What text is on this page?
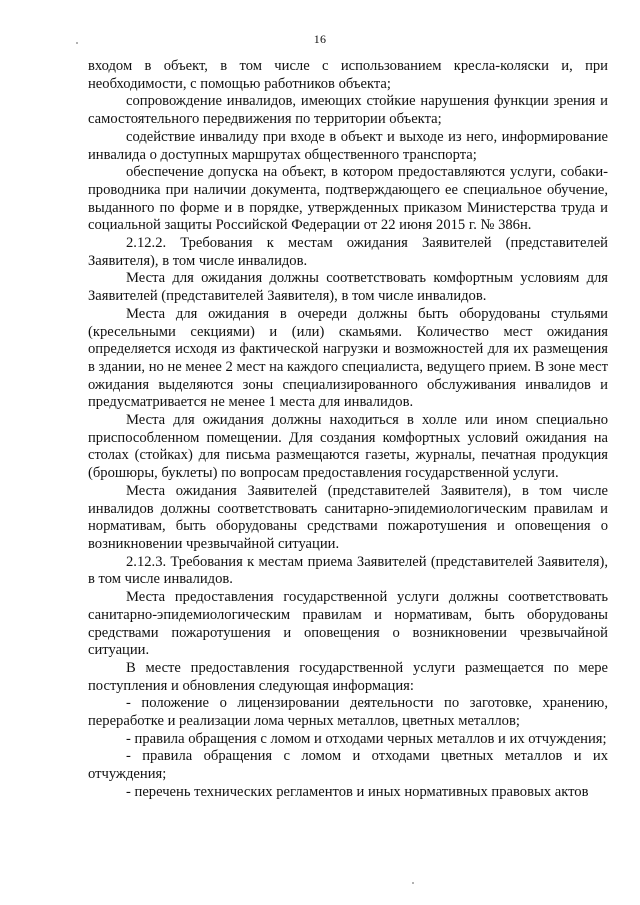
16

входом в объект, в том числе с использованием кресла-коляски и, при необходимости, с помощью работников объекта;

сопровождение инвалидов, имеющих стойкие нарушения функции зрения и самостоятельного передвижения по территории объекта;

содействие инвалиду при входе в объект и выходе из него, информирование инвалида о доступных маршрутах общественного транспорта;

обеспечение допуска на объект, в котором предоставляются услуги, собаки-проводника при наличии документа, подтверждающего ее специальное обучение, выданного по форме и в порядке, утвержденных приказом Министерства труда и социальной защиты Российской Федерации от 22 июня 2015 г. № 386н.

2.12.2. Требования к местам ожидания Заявителей (представителей Заявителя), в том числе инвалидов.

Места для ожидания должны соответствовать комфортным условиям для Заявителей (представителей Заявителя), в том числе инвалидов.

Места для ожидания в очереди должны быть оборудованы стульями (кресельными секциями) и (или) скамьями. Количество мест ожидания определяется исходя из фактической нагрузки и возможностей для их размещения в здании, но не менее 2 мест на каждого специалиста, ведущего прием. В зоне мест ожидания выделяются зоны специализированного обслуживания инвалидов и предусматривается не менее 1 места для инвалидов.

Места для ожидания должны находиться в холле или ином специально приспособленном помещении. Для создания комфортных условий ожидания на столах (стойках) для письма размещаются газеты, журналы, печатная продукция (брошюры, буклеты) по вопросам предоставления государственной услуги.

Места ожидания Заявителей (представителей Заявителя), в том числе инвалидов должны соответствовать санитарно-эпидемиологическим правилам и нормативам, быть оборудованы средствами пожаротушения и оповещения о возникновении чрезвычайной ситуации.

2.12.3. Требования к местам приема Заявителей (представителей Заявителя), в том числе инвалидов.

Места предоставления государственной услуги должны соответствовать санитарно-эпидемиологическим правилам и нормативам, быть оборудованы средствами пожаротушения и оповещения о возникновении чрезвычайной ситуации.

В месте предоставления государственной услуги размещается по мере поступления и обновления следующая информация:

- положение о лицензировании деятельности по заготовке, хранению, переработке и реализации лома черных металлов, цветных металлов;

- правила обращения с ломом и отходами черных металлов и их отчуждения;

- правила обращения с ломом и отходами цветных металлов и их отчуждения;

- перечень технических регламентов и иных нормативных правовых актов
